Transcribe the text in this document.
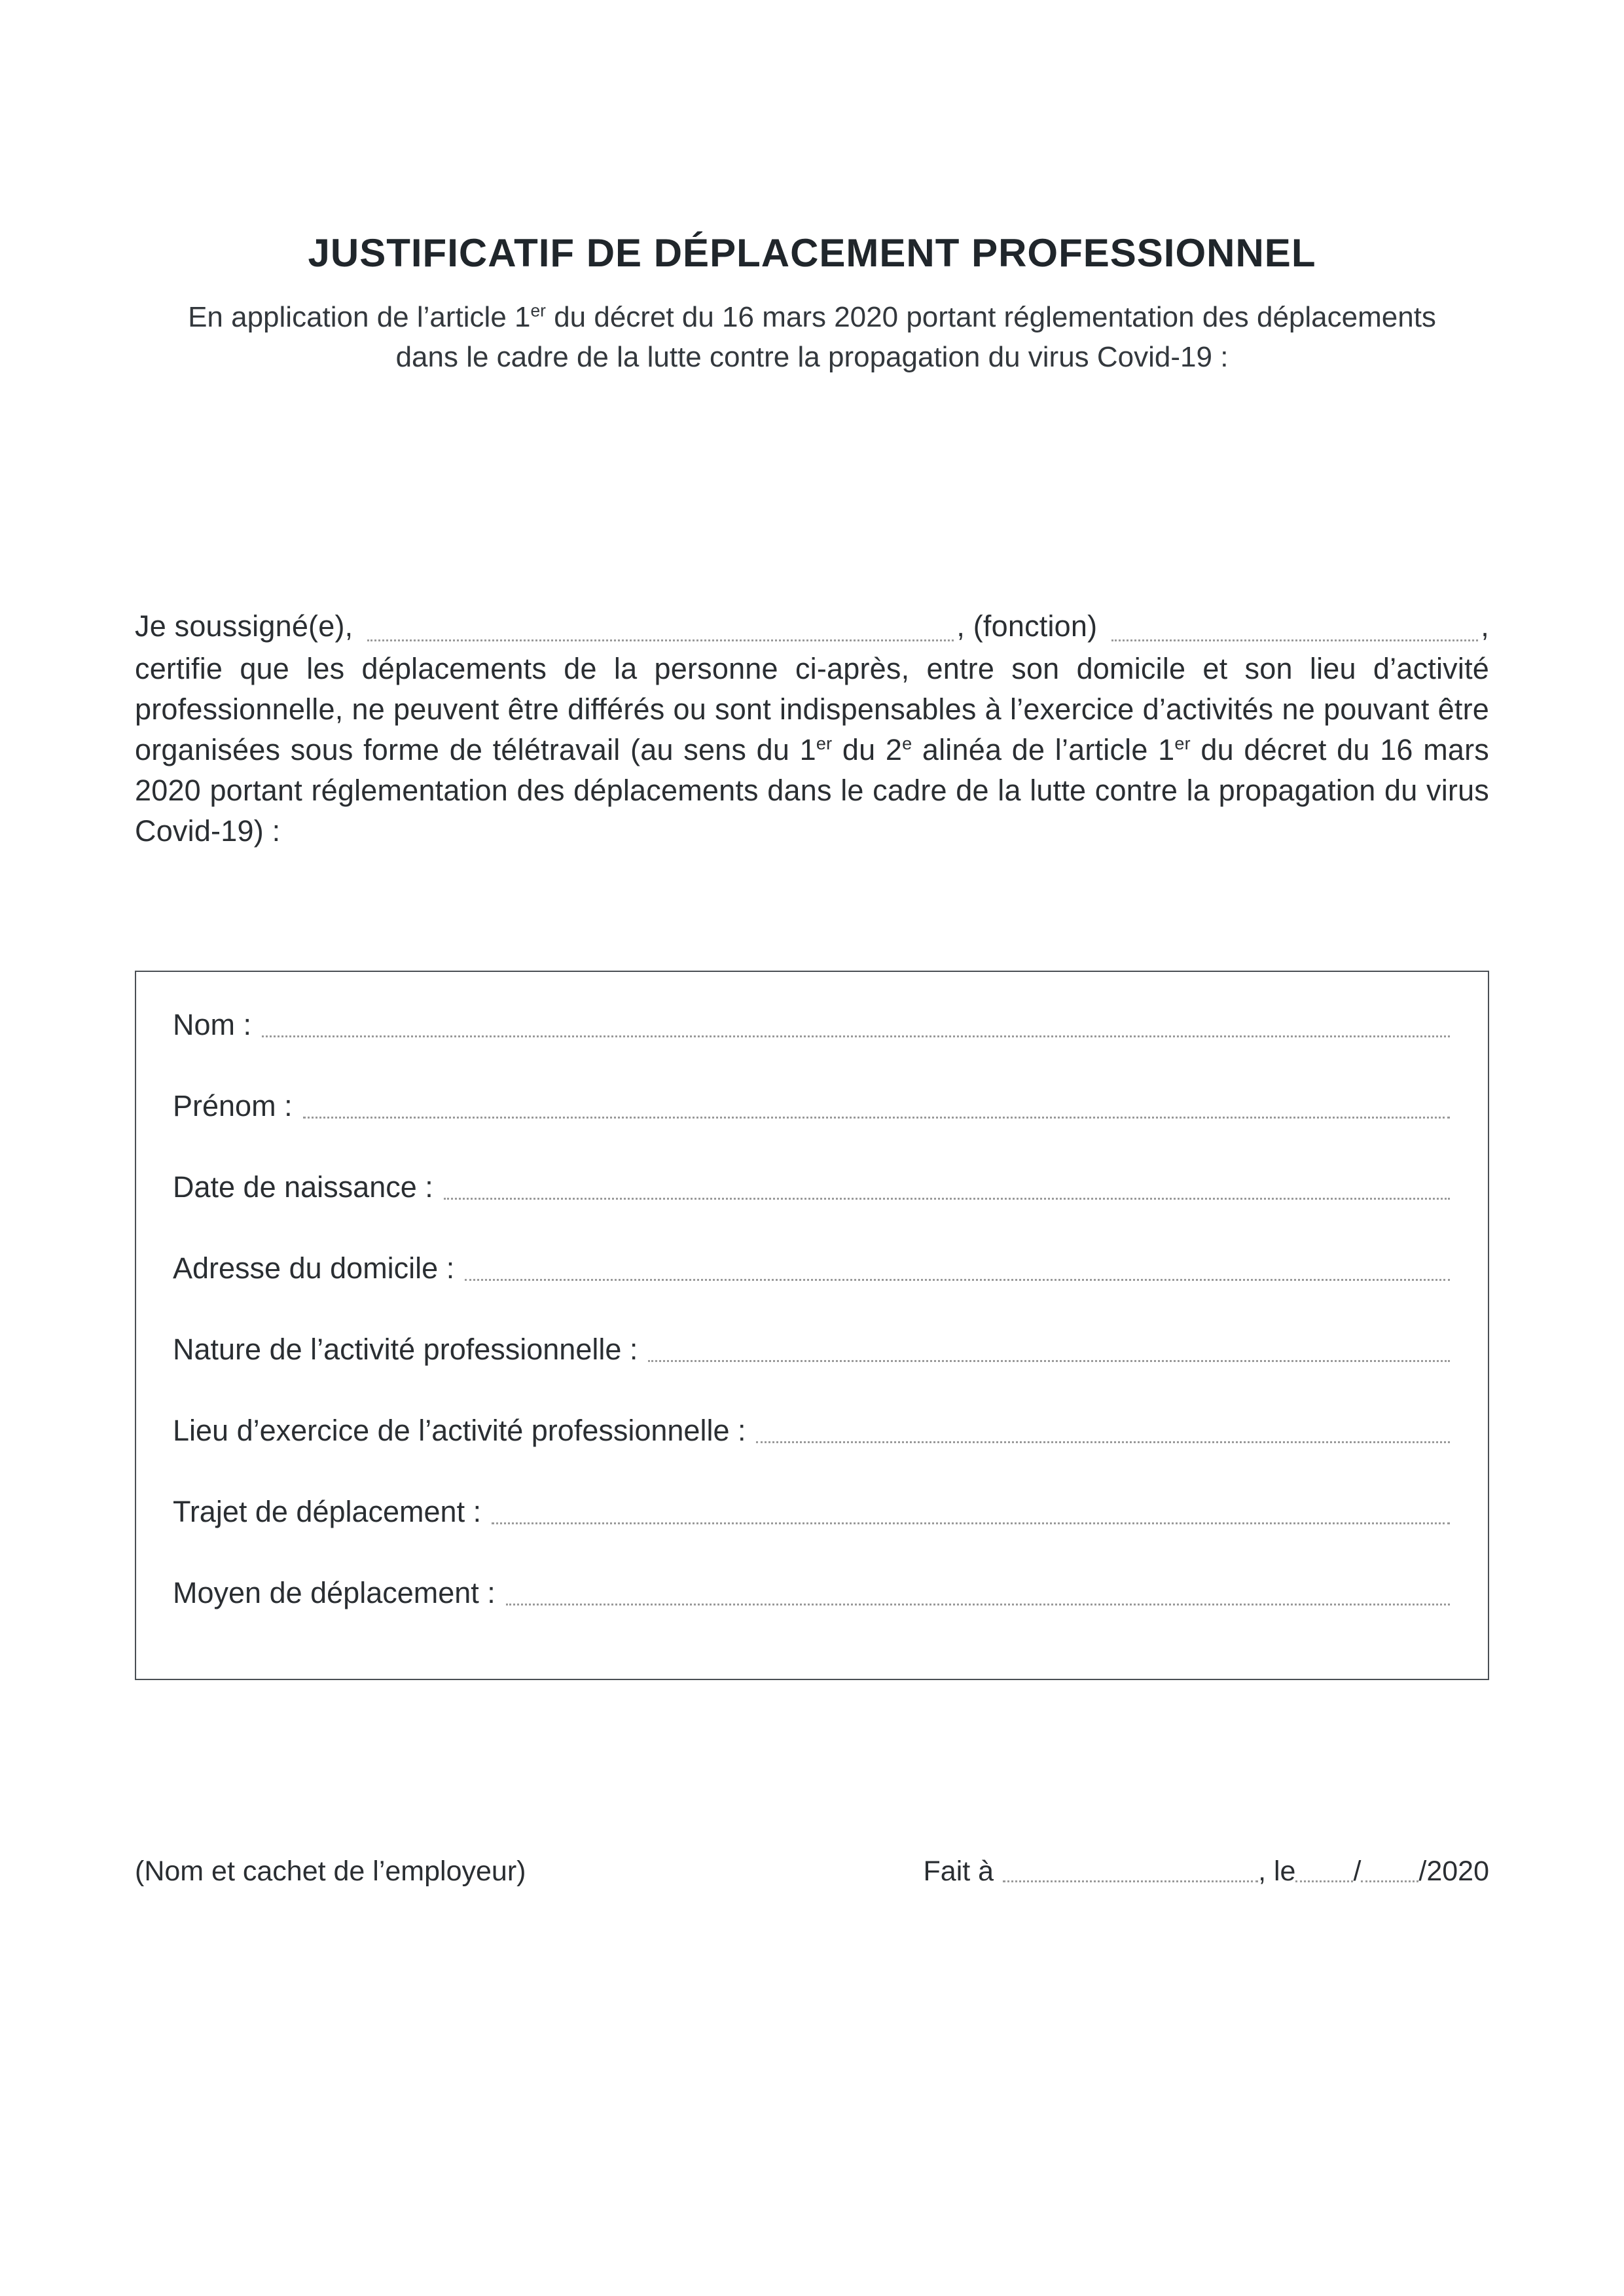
JUSTIFICATIF DE DÉPLACEMENT PROFESSIONNEL

En application de l’article 1er du décret du 16 mars 2020 portant réglementation des déplacements dans le cadre de la lutte contre la propagation du virus Covid-19 :

Je soussigné(e),	, (fonction)	,
certifie que les déplacements de la personne ci-après, entre son domicile et son lieu d’activité professionnelle, ne peuvent être différés ou sont indispensables à l’exercice d’activités ne pouvant être organisées sous forme de télétravail (au sens du 1er du 2e alinéa de l’article 1er du décret du 16 mars 2020 portant réglementation des déplacements dans le cadre de la lutte contre la propagation du virus Covid-19) :
Nom :
Prénom :
Date de naissance :
Adresse du domicile :
Nature de l’activité professionnelle :
Lieu d’exercice de l’activité professionnelle :
Trajet de déplacement :
Moyen de déplacement :
(Nom et cachet de l’employeur)	Fait à	, le / /2020
